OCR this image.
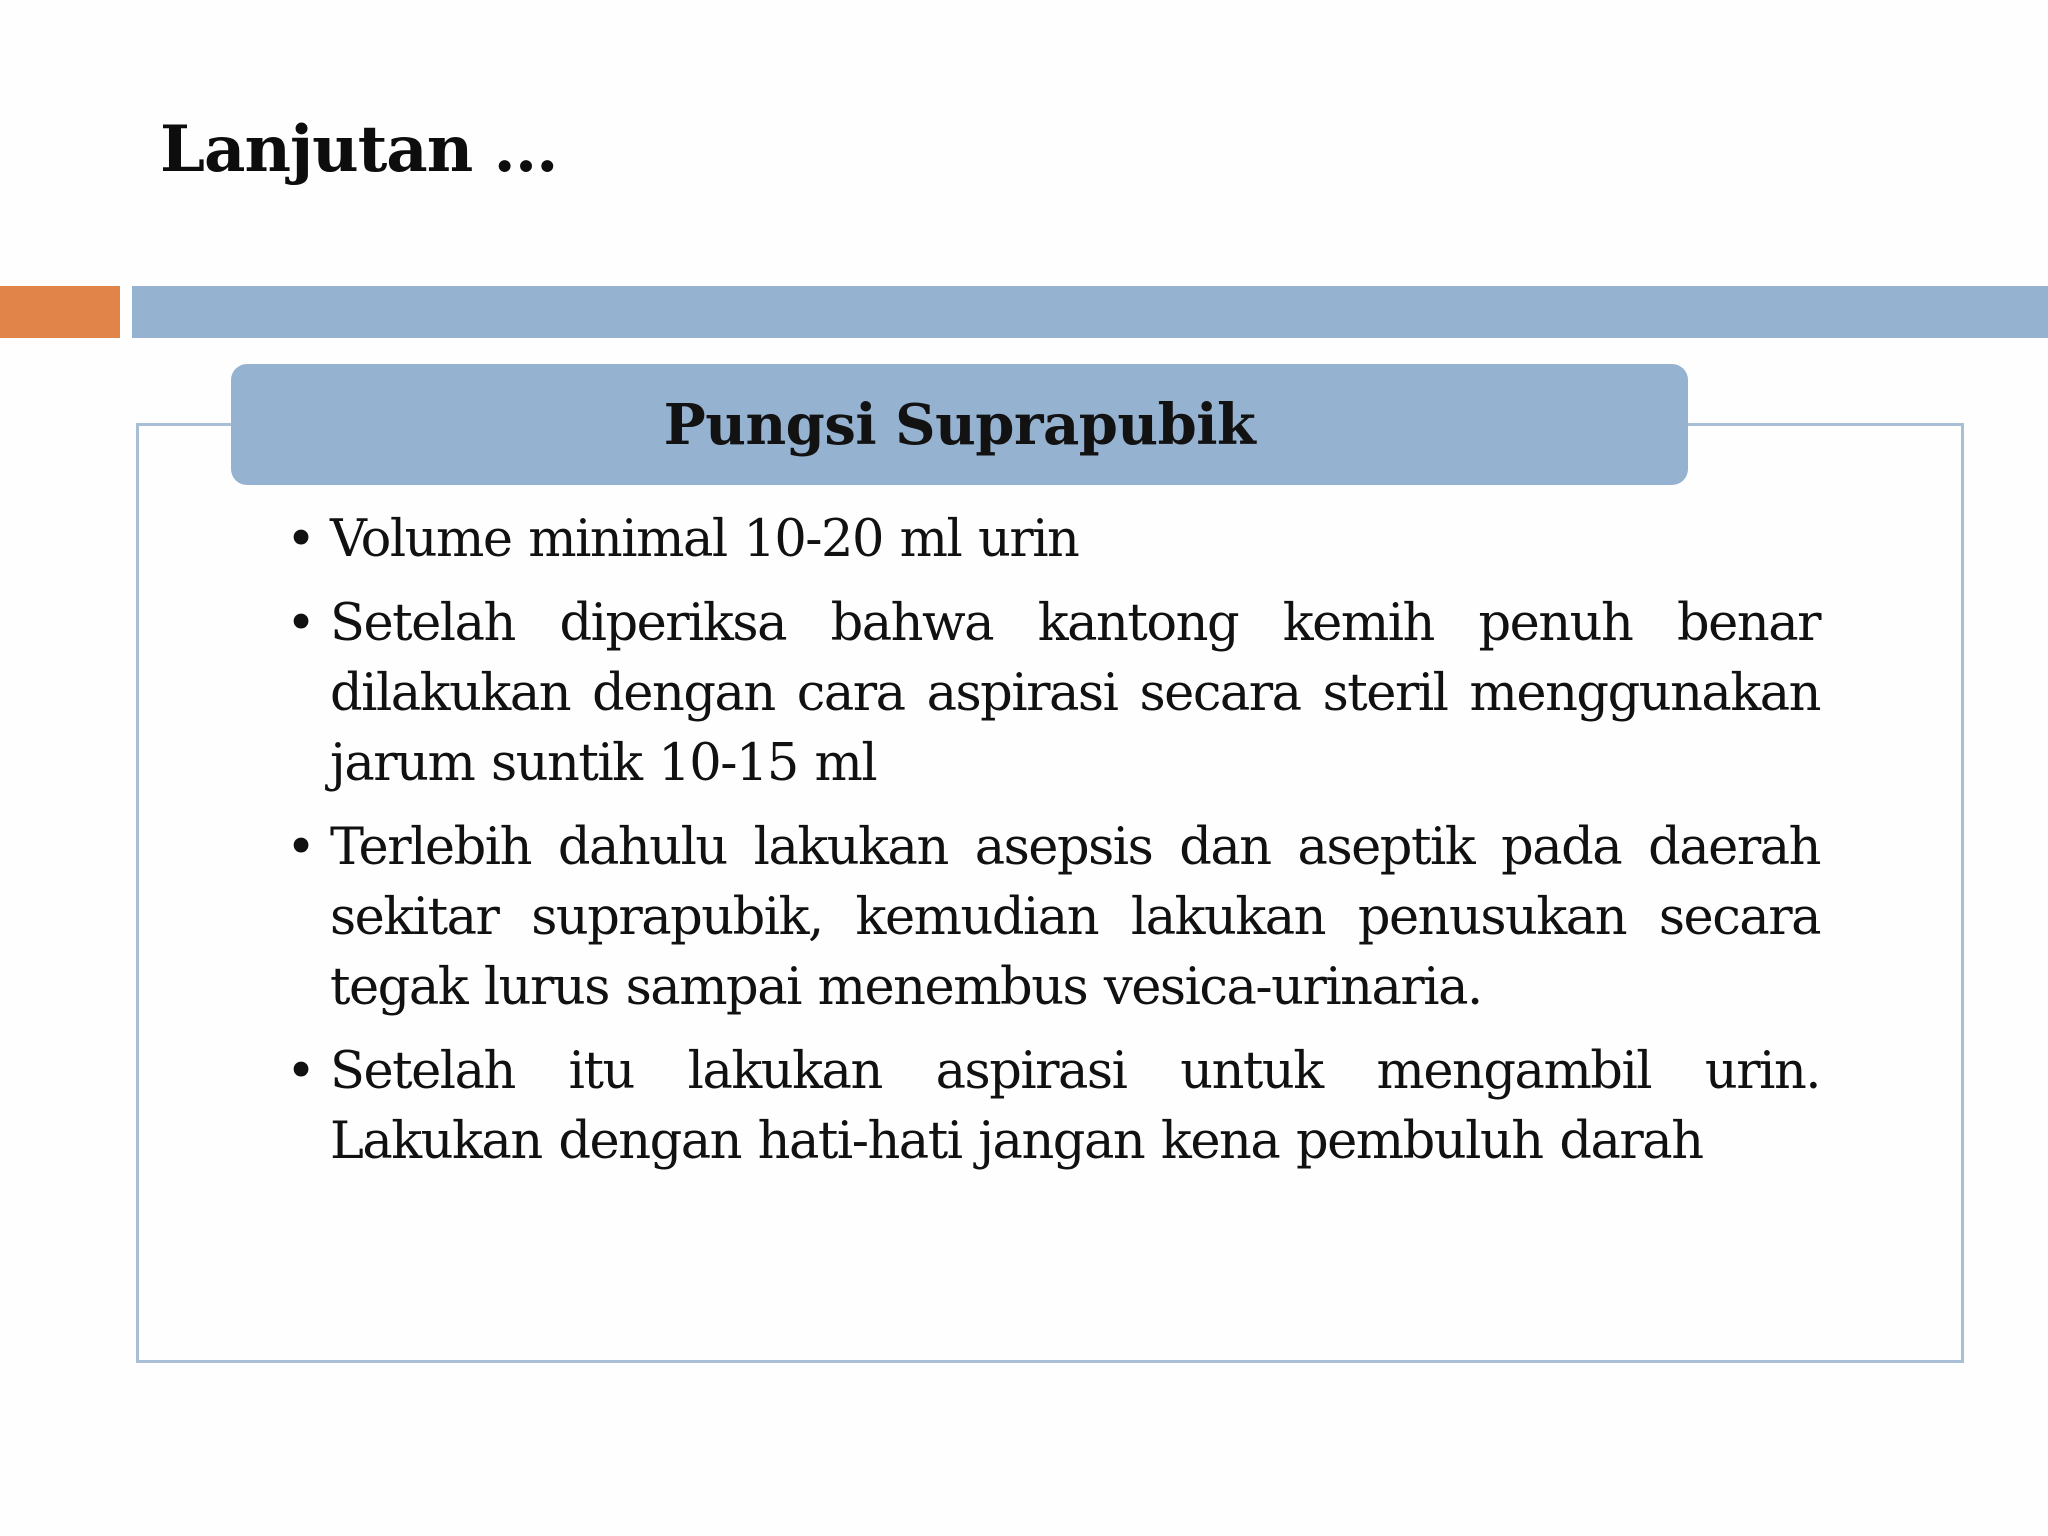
Lanjutan ...
Pungsi Suprapubik
• Volume minimal 10-20 ml urin
• Setelah diperiksa bahwa kantong kemih penuh benar dilakukan dengan cara aspirasi secara steril menggunakan jarum suntik 10-15 ml
• Terlebih dahulu lakukan asepsis dan aseptik pada daerah sekitar suprapubik, kemudian lakukan penusukan secara tegak lurus sampai menembus vesica-urinaria.
• Setelah itu lakukan aspirasi untuk mengambil urin. Lakukan dengan hati-hati jangan kena pembuluh darah
